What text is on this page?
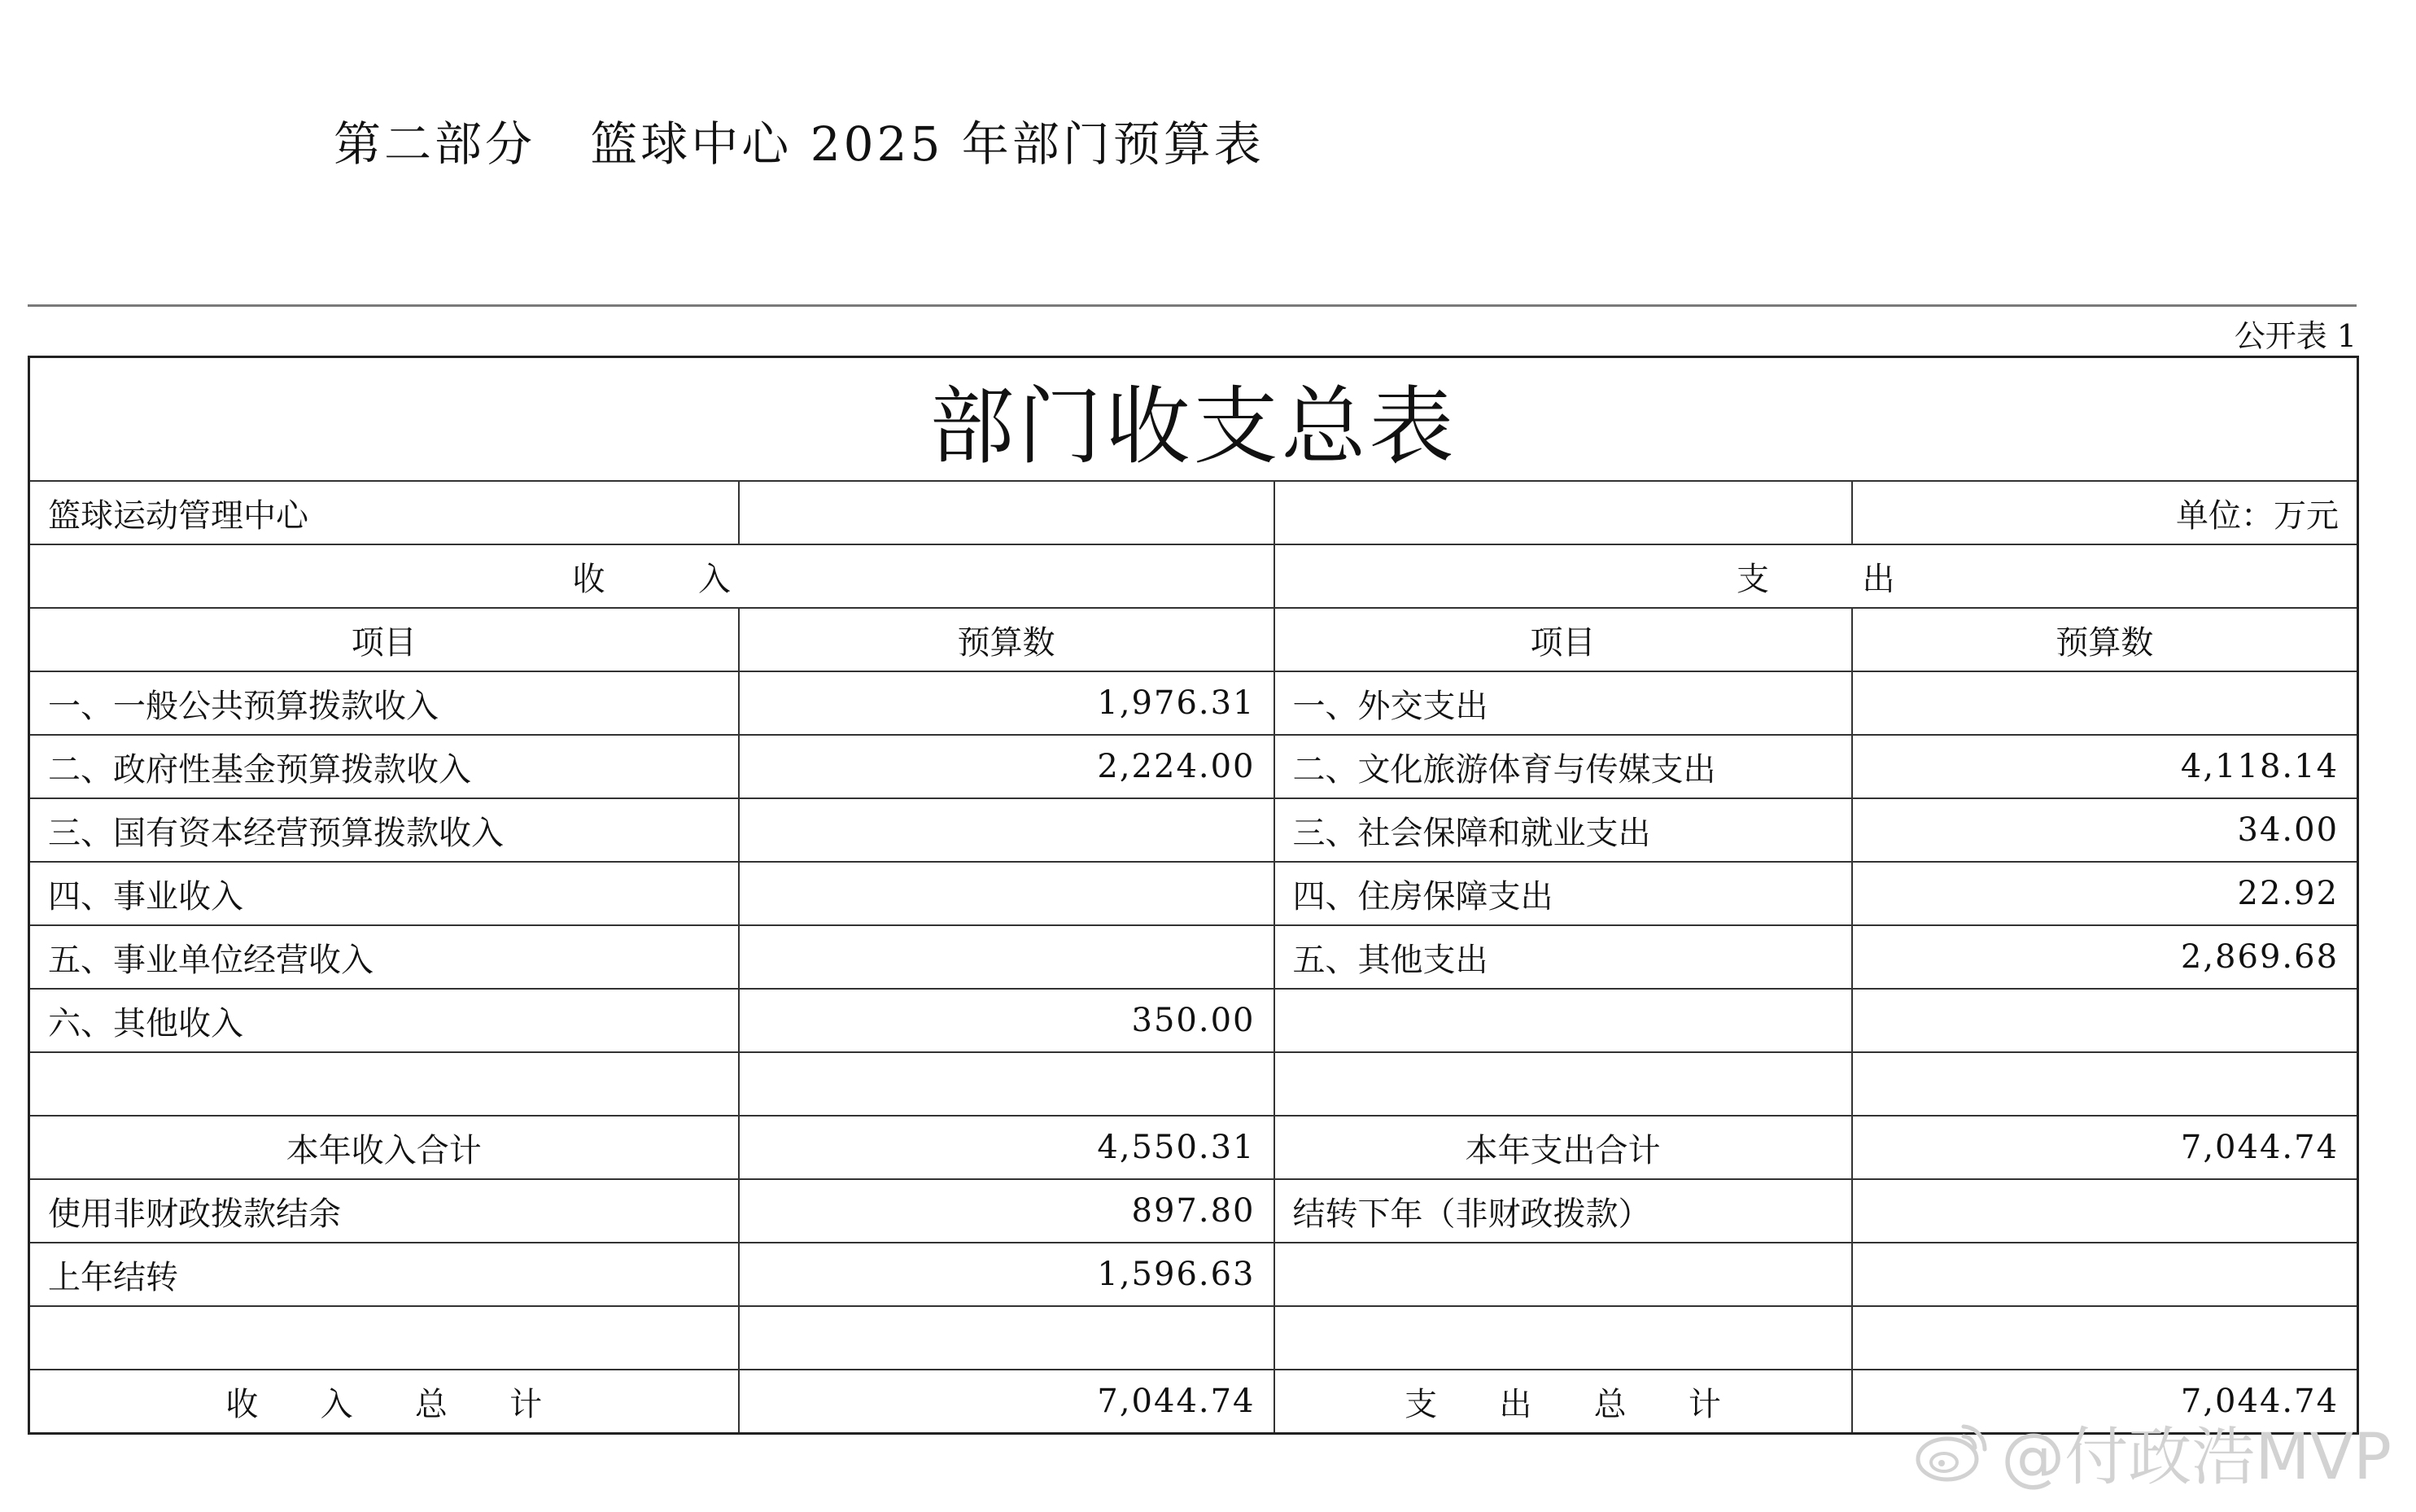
第二部分   篮球中心 2025 年部门预算表
公开表 1
部门收支总表			
篮球运动管理中心			单位：万元
收         入		支         出	
项目	预算数	项目	预算数
一、一般公共预算拨款收入	1,976.31	一、外交支出	
二、政府性基金预算拨款收入	2,224.00	二、文化旅游体育与传媒支出	4,118.14
三、国有资本经营预算拨款收入		三、社会保障和就业支出	34.00
四、事业收入		四、住房保障支出	22.92
五、事业单位经营收入		五、其他支出	2,869.68
六、其他收入	350.00		

本年收入合计	4,550.31	本年支出合计	7,044.74
使用非财政拨款结余	897.80	结转下年（非财政拨款）	
上年结转	1,596.63		

收      入      总      计	7,044.74	支      出      总      计	7,044.74
@付政浩MVP
